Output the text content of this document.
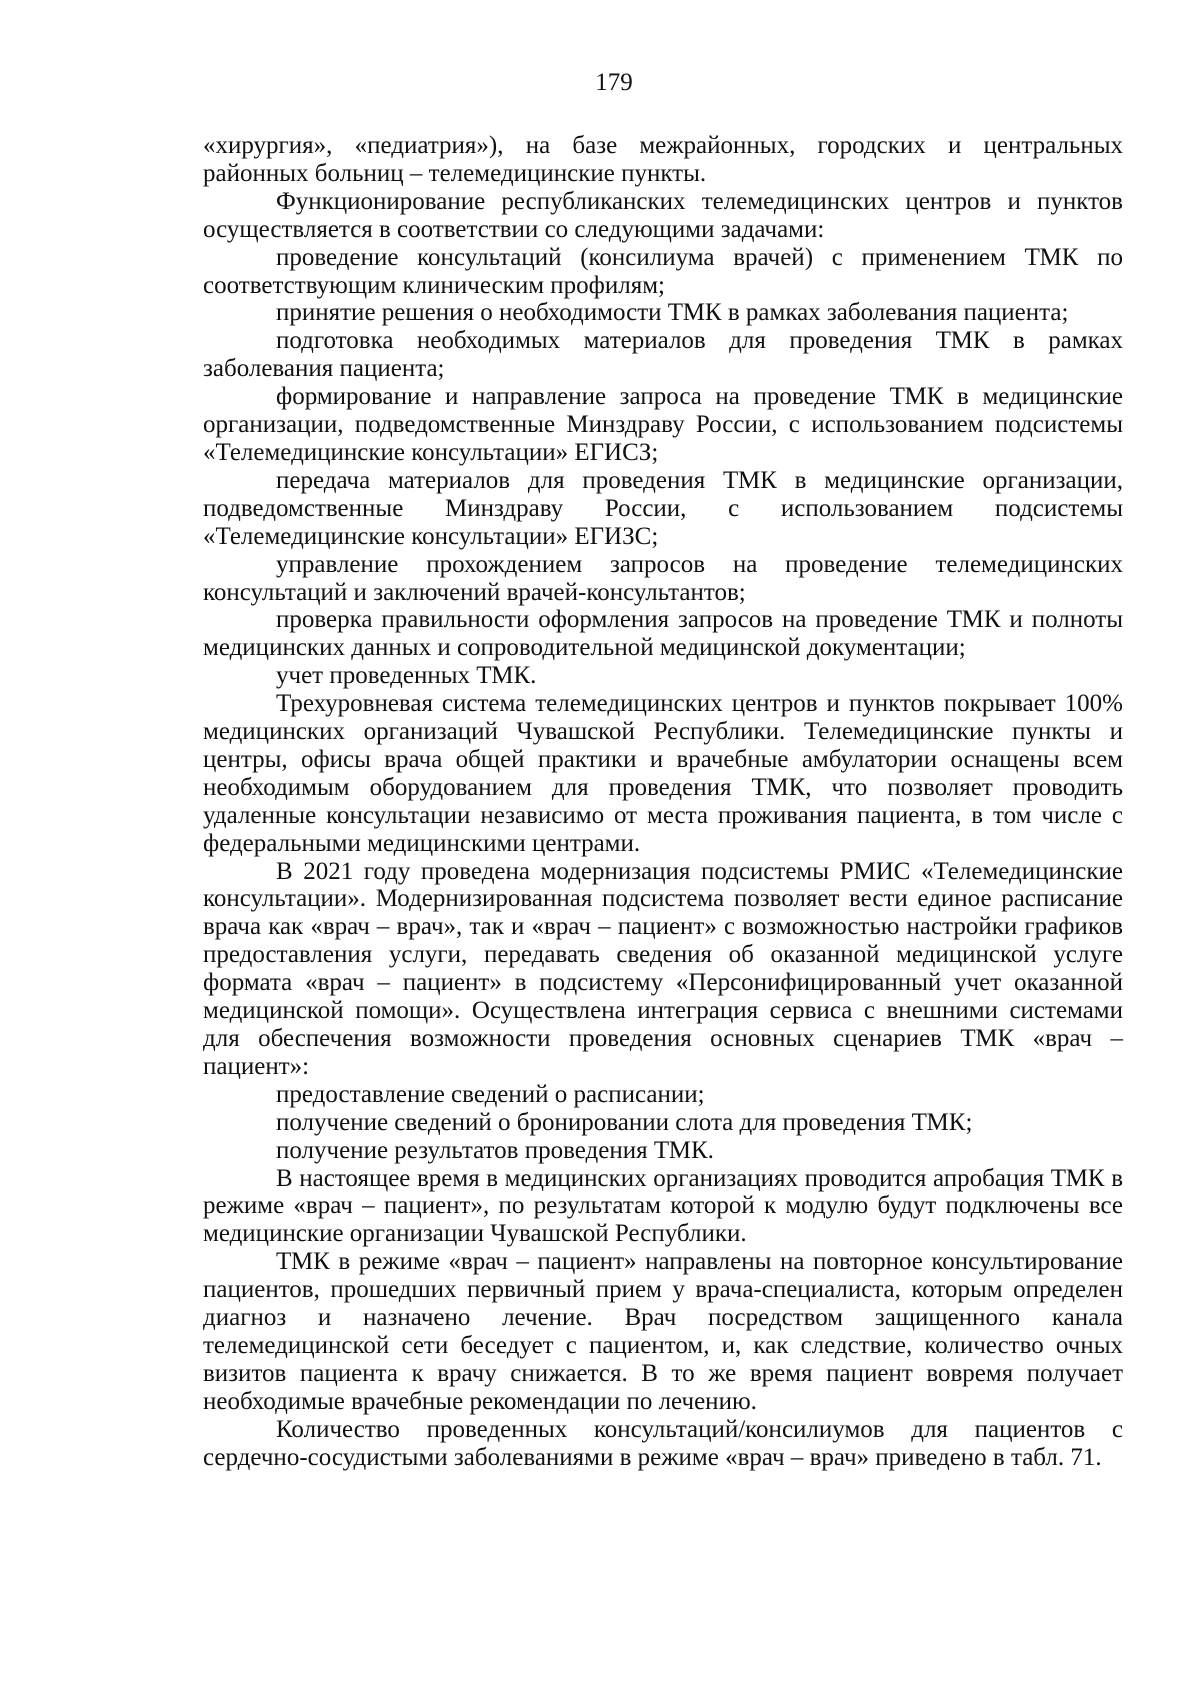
179

«хирургия», «педиатрия»), на базе межрайонных, городских и центральных районных больниц – телемедицинские пункты.

Функционирование республиканских телемедицинских центров и пунктов осуществляется в соответствии со следующими задачами:

проведение консультаций (консилиума врачей) с применением ТМК по соответствующим клиническим профилям;

принятие решения о необходимости ТМК в рамках заболевания пациента;

подготовка необходимых материалов для проведения ТМК в рамках заболевания пациента;

формирование и направление запроса на проведение ТМК в медицинские организации, подведомственные Минздраву России, с использованием подсистемы «Телемедицинские консультации» ЕГИСЗ;

передача материалов для проведения ТМК в медицинские организации, подведомственные Минздраву России, с использованием подсистемы «Телемедицинские консультации» ЕГИЗС;

управление прохождением запросов на проведение телемедицинских консультаций и заключений врачей-консультантов;

проверка правильности оформления запросов на проведение ТМК и полноты медицинских данных и сопроводительной медицинской документации;

учет проведенных ТМК.

Трехуровневая система телемедицинских центров и пунктов покрывает 100% медицинских организаций Чувашской Республики. Телемедицинские пункты и центры, офисы врача общей практики и врачебные амбулатории оснащены всем необходимым оборудованием для проведения ТМК, что позволяет проводить удаленные консультации независимо от места проживания пациента, в том числе с федеральными медицинскими центрами.

В 2021 году проведена модернизация подсистемы РМИС «Телемедицинские консультации». Модернизированная подсистема позволяет вести единое расписание врача как «врач – врач», так и «врач – пациент» с возможностью настройки графиков предоставления услуги, передавать сведения об оказанной медицинской услуге формата «врач – пациент» в подсистему «Персонифицированный учет оказанной медицинской помощи». Осуществлена интеграция сервиса с внешними системами для обеспечения возможности проведения основных сценариев ТМК «врач – пациент»:

предоставление сведений о расписании;

получение сведений о бронировании слота для проведения ТМК;

получение результатов проведения ТМК.

В настоящее время в медицинских организациях проводится апробация ТМК в режиме «врач – пациент», по результатам которой к модулю будут подключены все медицинские организации Чувашской Республики.

ТМК в режиме «врач – пациент» направлены на повторное консультирование пациентов, прошедших первичный прием у врача-специалиста, которым определен диагноз и назначено лечение. Врач посредством защищенного канала телемедицинской сети беседует с пациентом, и, как следствие, количество очных визитов пациента к врачу снижается. В то же время пациент вовремя получает необходимые врачебные рекомендации по лечению.

Количество проведенных консультаций/консилиумов для пациентов с сердечно-сосудистыми заболеваниями в режиме «врач – врач» приведено в табл. 71.
